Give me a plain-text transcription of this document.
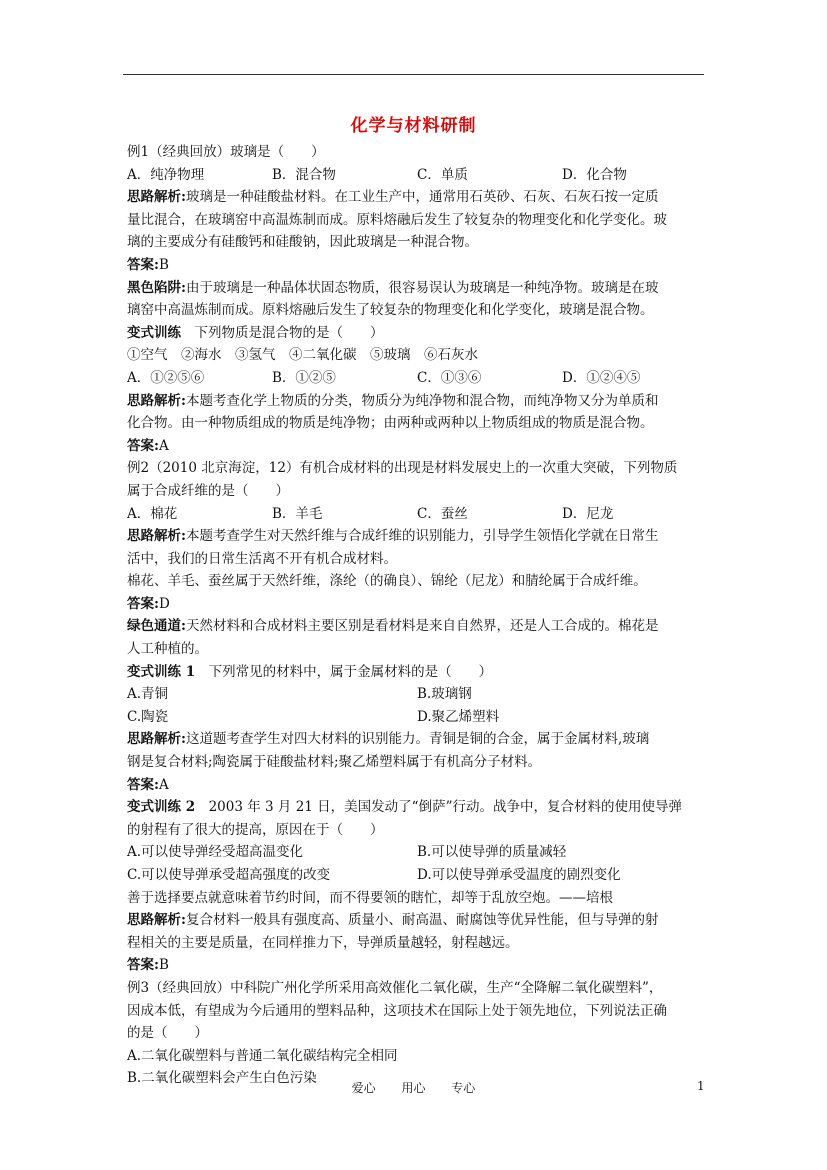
化学与材料研制
例1（经典回放）玻璃是（　　）
A．纯净物理	B．混合物	C．单质	D．化合物
思路解析:玻璃是一种硅酸盐材料。在工业生产中，通常用石英砂、石灰、石灰石按一定质
量比混合，在玻璃窑中高温炼制而成。原料熔融后发生了较复杂的物理变化和化学变化。玻
璃的主要成分有硅酸钙和硅酸钠，因此玻璃是一种混合物。
答案:B
黑色陷阱:由于玻璃是一种晶体状固态物质，很容易误认为玻璃是一种纯净物。玻璃是在玻
璃窑中高温炼制而成。原料熔融后发生了较复杂的物理变化和化学变化，玻璃是混合物。
变式训练　下列物质是混合物的是（　　）
①空气　②海水　③氢气　④二氧化碳　⑤玻璃　⑥石灰水
A．①②⑤⑥	B．①②⑤	C．①③⑥	D．①②④⑤
思路解析:本题考查化学上物质的分类，物质分为纯净物和混合物，而纯净物又分为单质和
化合物。由一种物质组成的物质是纯净物；由两种或两种以上物质组成的物质是混合物。
答案:A
例2（2010 北京海淀，12）有机合成材料的出现是材料发展史上的一次重大突破，下列物质
属于合成纤维的是（　　）
A．棉花	B．羊毛	C．蚕丝	D．尼龙
思路解析:本题考查学生对天然纤维与合成纤维的识别能力，引导学生领悟化学就在日常生
活中，我们的日常生活离不开有机合成材料。
棉花、羊毛、蚕丝属于天然纤维，涤纶（的确良）、锦纶（尼龙）和腈纶属于合成纤维。
答案:D
绿色通道:天然材料和合成材料主要区别是看材料是来自自然界，还是人工合成的。棉花是
人工种植的。
变式训练 1　下列常见的材料中，属于金属材料的是（　　）
A.青铜	B.玻璃钢
C.陶瓷	D.聚乙烯塑料
思路解析:这道题考查学生对四大材料的识别能力。青铜是铜的合金，属于金属材料,玻璃
钢是复合材料;陶瓷属于硅酸盐材料;聚乙烯塑料属于有机高分子材料。
答案:A
变式训练 2　2003 年 3 月 21 日，美国发动了“倒萨”行动。战争中，复合材料的使用使导弹
的射程有了很大的提高，原因在于（　　）
A.可以使导弹经受超高温变化	B.可以使导弹的质量减轻
C.可以使导弹承受超高强度的改变	D.可以使导弹承受温度的剧烈变化
善于选择要点就意味着节约时间，而不得要领的瞎忙，却等于乱放空炮。——培根
思路解析:复合材料一般具有强度高、质量小、耐高温、耐腐蚀等优异性能，但与导弹的射
程相关的主要是质量，在同样推力下，导弹质量越轻，射程越远。
答案:B
例3（经典回放）中科院广州化学所采用高效催化二氧化碳，生产“全降解二氧化碳塑料”，
因成本低，有望成为今后通用的塑料品种，这项技术在国际上处于领先地位，下列说法正确
的是（　　）
A.二氧化碳塑料与普通二氧化碳结构完全相同
B.二氧化碳塑料会产生白色污染
爱心 用心 专心	1
